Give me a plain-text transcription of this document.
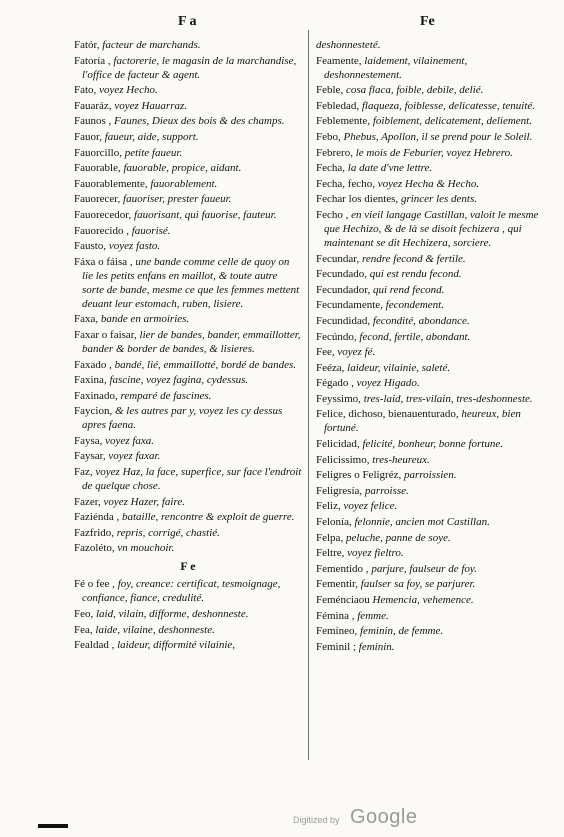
F a	Fe
Fatór, facteur de marchands.
Fatoría , factorerie, le magasin de la marchandise, l'office de facteur & agent.
Fato, voyez Hecho.
Fauaráz, voyez Hauarraz.
Faunos , Faunes, Dieux des bois & des champs.
Fauor, faueur, aide, support.
Fauorcillo, petite faueur.
Fauorable, fauorable, propice, aidant.
Fauorablemente, fauorablement.
Fauorecer, fauoriser, prester faueur.
Fauorecedor, fauorisant, qui fauorise, fauteur.
Fauorecido , fauorisé.
Fausto, voyez fasto.
Fáxa o fáisa , une bande comme celle de quoy on lie les petits enfans en maillot, & toute autre sorte de bande, mesme ce que les femmes mettent deuant leur estomach, ruben, lisiere.
Faxa, bande en armoiries.
Faxar o faisar, lier de bandes, bander, emmaillotter, bander & border de bandes, & lisieres.
Faxado , bandé, lié, emmaillotté, bordé de bandes.
Faxina, fascine, voyez fagina, cydessus.
Faxinado, remparé de fascines.
Faycion, & les autres par y, voyez les cy dessus apres faena.
Faysa, voyez faxa.
Faysar, voyez faxar.
Faz, voyez Haz, la face, superfice, sur face l'endroit de quelque chose.
Fazer, voyez Hazer, faire.
Faziénda , bataille, rencontre & exploit de guerre.
Fazfrido, repris, corrigé, chastié.
Fazoléto, vn mouchoir.
F e
Fé o fee , foy, creance: certificat, tesmoignage, confiance, fiance, credulité.
Feo, laid, vilain, difforme, deshonneste.
Fea, laide, vilaine, deshonneste.
Fealdad , laideur, difformité vilainie,
deshonnesteté.
Feamente, laidement, vilainement, deshonnestement.
Feble, cosa flaca, foible, debile, delié.
Febledad, flaqueza, foiblesse, delicatesse, tenuité.
Feblemente, foiblement, delicatement, deliement.
Febo, Phebus, Apollon, il se prend pour le Soleil.
Febrero, le mois de Feburier, voyez Hebrero.
Fecha, la date d'vne lettre.
Fecha, fecho, voyez Hecha & Hecho.
Fechar los dientes, grincer les dents.
Fecho , en vieil langage Castillan, valoit le mesme que Hechizo, & de là se disoit fechizera , qui maintenant se dit Hechizera, sorciere.
Fecundar, rendre fecond & fertile.
Fecundado, qui est rendu fecond.
Fecundador, qui rend fecond.
Fecundamente, fecondement.
Fecundidad, fecondité, abondance.
Fecúndo, fecond, fertile, abondant.
Fee, voyez fé.
Feéza, laideur, vilainie, saleté.
Fégado , voyez Higado.
Feyssimo, tres-laid, tres-vilain, tres-deshonneste.
Felice, dichoso, bienauenturado, heureux, bien fortuné.
Felicidad, felicité, bonheur, bonne fortune.
Felicissimo, tres-heureux.
Feligres o Feligréz, parroissien.
Feligresía, parroisse.
Feliz, voyez felice.
Felonía, felonnie, ancien mot Castillan.
Felpa, peluche, panne de soye.
Feltre, voyez fieltro.
Fementido , parjure, faulseur de foy.
Fementir, faulser sa foy, se parjurer.
Feménciaou Hemencia, vehemence.
Fémina , femme.
Femíneo, feminin, de femme.
Feminil ; feminin.
Digitized by Google
